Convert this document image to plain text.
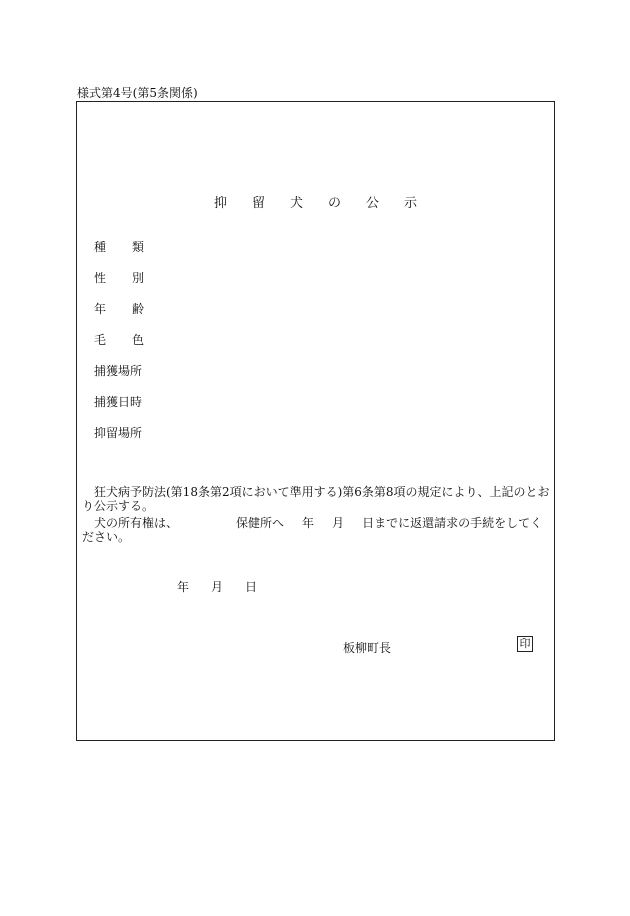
様式第4号(第5条関係)
抑留犬の公示
種類
性別
年齢
毛色
捕獲場所
捕獲日時
抑留場所
狂犬病予防法(第18条第2項において準用する)第6条第8項の規定により、上記のとおり公示する。
犬の所有権は、	保健所へ 年 月 日までに返還請求の手続をしてください。
年 月 日
板柳町長	印
